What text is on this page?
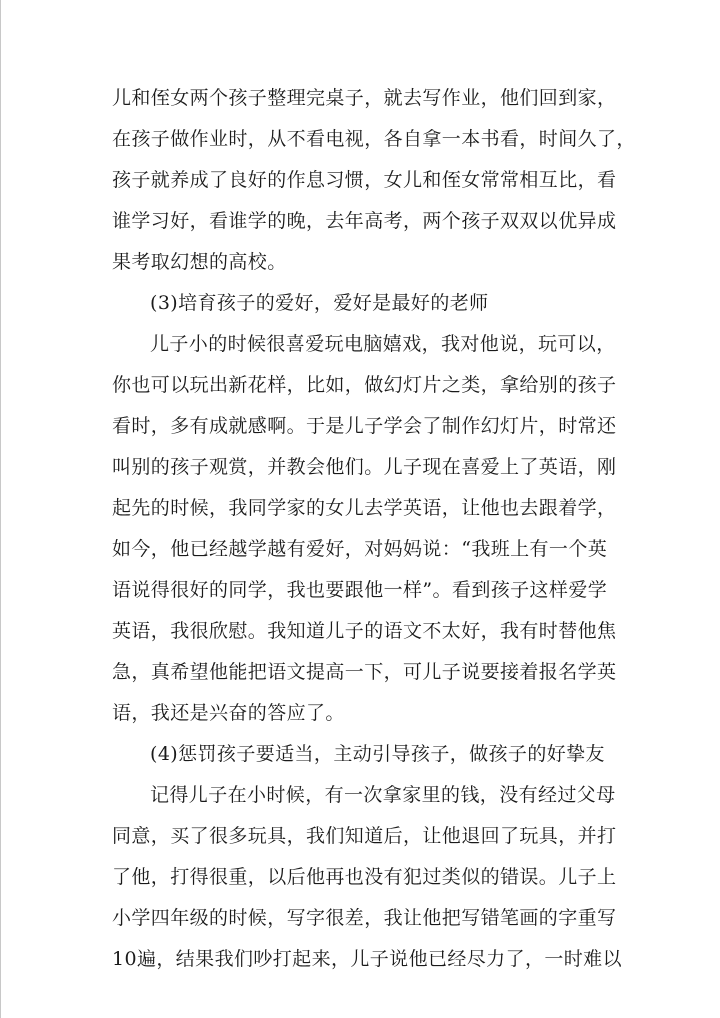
儿和侄女两个孩子整理完桌子，就去写作业，他们回到家，
在孩子做作业时，从不看电视，各自拿一本书看，时间久了，
孩子就养成了良好的作息习惯，女儿和侄女常常相互比，看
谁学习好，看谁学的晚，去年高考，两个孩子双双以优异成
果考取幻想的高校。
(3)培育孩子的爱好，爱好是最好的老师
儿子小的时候很喜爱玩电脑嬉戏，我对他说，玩可以，
你也可以玩出新花样，比如，做幻灯片之类，拿给别的孩子
看时，多有成就感啊。于是儿子学会了制作幻灯片，时常还
叫别的孩子观赏，并教会他们。儿子现在喜爱上了英语，刚
起先的时候，我同学家的女儿去学英语，让他也去跟着学，
如今，他已经越学越有爱好，对妈妈说：“我班上有一个英
语说得很好的同学，我也要跟他一样”。看到孩子这样爱学
英语，我很欣慰。我知道儿子的语文不太好，我有时替他焦
急，真希望他能把语文提高一下，可儿子说要接着报名学英
语，我还是兴奋的答应了。
(4)惩罚孩子要适当，主动引导孩子，做孩子的好挚友
记得儿子在小时候，有一次拿家里的钱，没有经过父母
同意，买了很多玩具，我们知道后，让他退回了玩具，并打
了他，打得很重，以后他再也没有犯过类似的错误。儿子上
小学四年级的时候，写字很差，我让他把写错笔画的字重写
10遍，结果我们吵打起来，儿子说他已经尽力了，一时难以
